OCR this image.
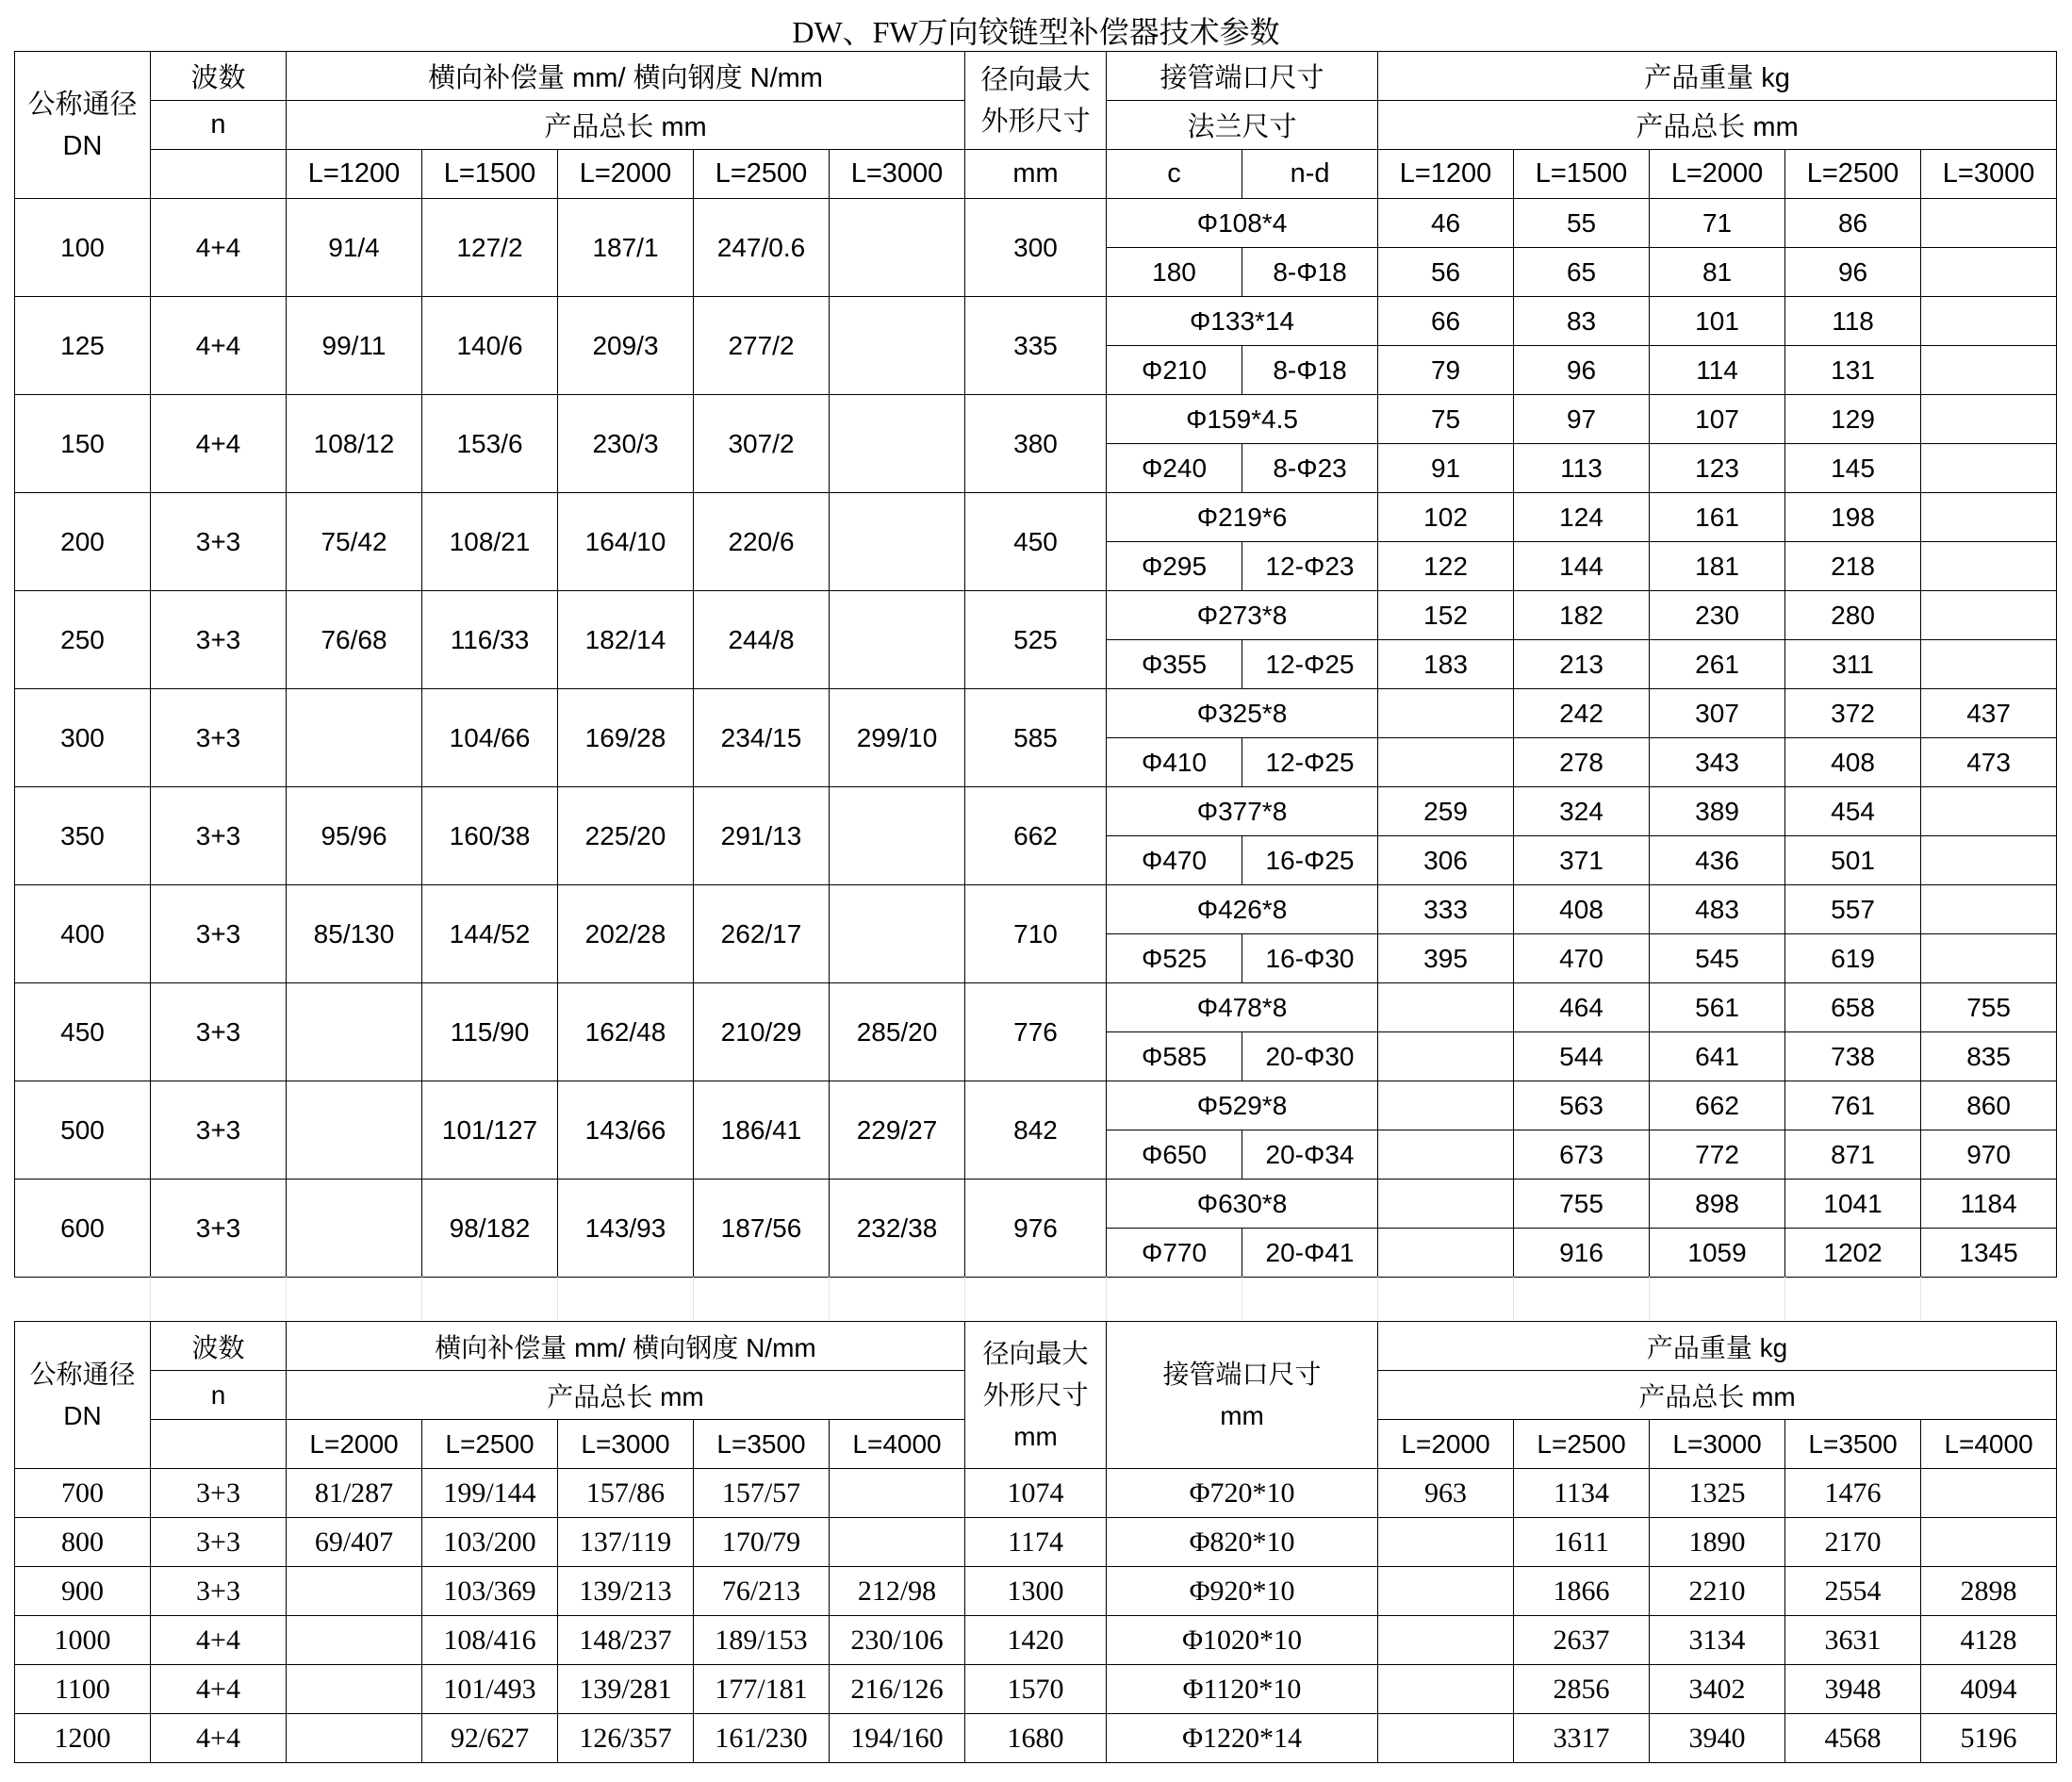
DW、FW万向铰链型补偿器技术参数
公称通径
DN	波数	横向补偿量 mm/ 横向钢度 N/mm					径向最大
外形尺寸	接管端口尺寸		产品重量 kg				
	n	产品总长 mm						法兰尺寸		产品总长 mm				
		L=1200	L=1500	L=2000	L=2500	L=3000	mm	c	n-d	L=1200	L=1500	L=2000	L=2500	L=3000
100	4+4	91/4	127/2	187/1	247/0.6		300	Φ108*4		46	55	71	86	
								180	8-Φ18	56	65	81	96	
125	4+4	99/11	140/6	209/3	277/2		335	Φ133*14		66	83	101	118	
								Φ210	8-Φ18	79	96	114	131	
150	4+4	108/12	153/6	230/3	307/2		380	Φ159*4.5		75	97	107	129	
								Φ240	8-Φ23	91	113	123	145	
200	3+3	75/42	108/21	164/10	220/6		450	Φ219*6		102	124	161	198	
								Φ295	12-Φ23	122	144	181	218	
250	3+3	76/68	116/33	182/14	244/8		525	Φ273*8		152	182	230	280	
								Φ355	12-Φ25	183	213	261	311	
300	3+3		104/66	169/28	234/15	299/10	585	Φ325*8			242	307	372	437
								Φ410	12-Φ25		278	343	408	473
350	3+3	95/96	160/38	225/20	291/13		662	Φ377*8		259	324	389	454	
								Φ470	16-Φ25	306	371	436	501	
400	3+3	85/130	144/52	202/28	262/17		710	Φ426*8		333	408	483	557	
								Φ525	16-Φ30	395	470	545	619	
450	3+3		115/90	162/48	210/29	285/20	776	Φ478*8			464	561	658	755
								Φ585	20-Φ30		544	641	738	835
500	3+3		101/127	143/66	186/41	229/27	842	Φ529*8			563	662	761	860
								Φ650	20-Φ34		673	772	871	970
600	3+3		98/182	143/93	187/56	232/38	976	Φ630*8			755	898	1041	1184
								Φ770	20-Φ41		916	1059	1202	1345
公称通径
DN	波数	横向补偿量 mm/ 横向钢度 N/mm					径向最大
外形尺寸
mm	接管端口尺寸
mm	产品重量 kg				
	n	产品总长 mm							产品总长 mm				
		L=2000	L=2500	L=3000	L=3500	L=4000			L=2000	L=2500	L=3000	L=3500	L=4000
700	3+3	81/287	199/144	157/86	157/57		1074	Φ720*10	963	1134	1325	1476	
800	3+3	69/407	103/200	137/119	170/79		1174	Φ820*10		1611	1890	2170	
900	3+3		103/369	139/213	76/213	212/98	1300	Φ920*10		1866	2210	2554	2898
1000	4+4		108/416	148/237	189/153	230/106	1420	Φ1020*10		2637	3134	3631	4128
1100	4+4		101/493	139/281	177/181	216/126	1570	Φ1120*10		2856	3402	3948	4094
1200	4+4		92/627	126/357	161/230	194/160	1680	Φ1220*14		3317	3940	4568	5196
